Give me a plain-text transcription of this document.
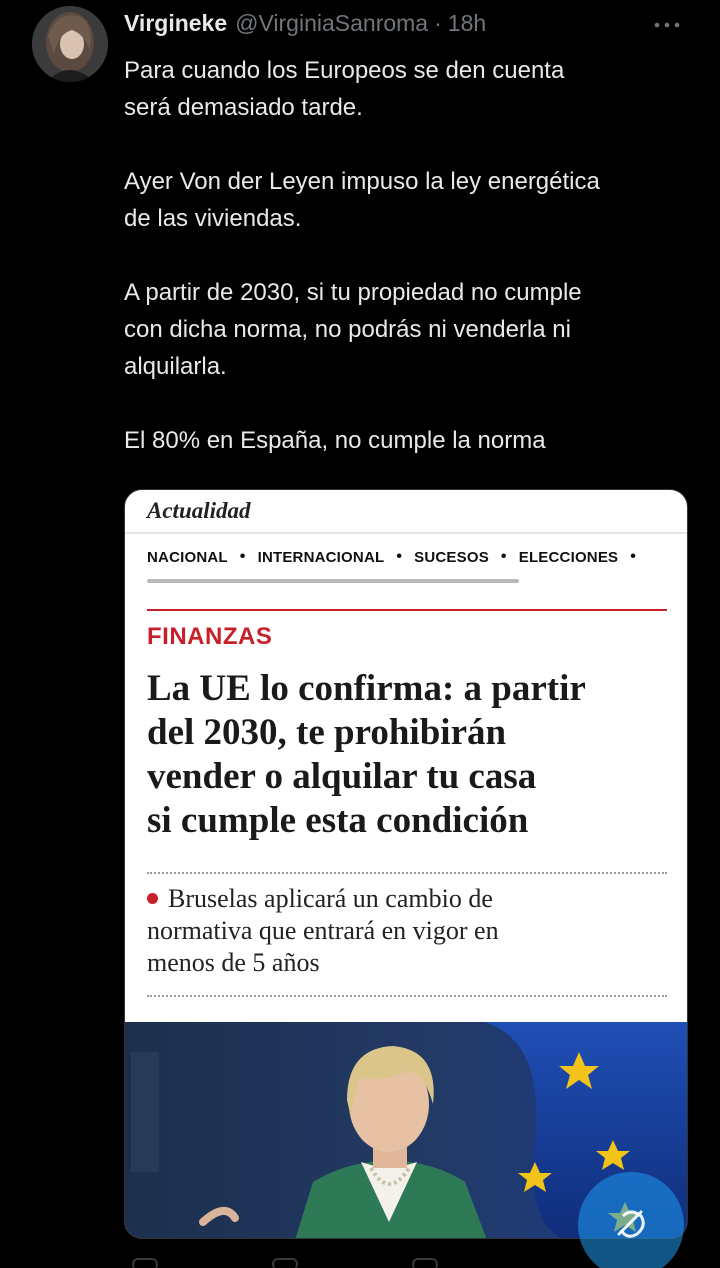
Virgineke @VirginiaSanroma · 18h

Para cuando los Europeos se den cuenta

será demasiado tarde.

Ayer Von der Leyen impuso la ley energética

de las viviendas.

A partir de 2030, si tu propiedad no cumple

con dicha norma, no podrás ni venderla ni

alquilarla.

El 80% en España, no cumple la norma

Actualidad
NACIONAL • INTERNACIONAL • SUCESOS • ELECCIONES •
FINANZAS
La UE lo confirma: a partir
del 2030, te prohibirán
vender o alquilar tu casa
si cumple esta condición
Bruselas aplicará un cambio de
normativa que entrará en vigor en
menos de 5 años
